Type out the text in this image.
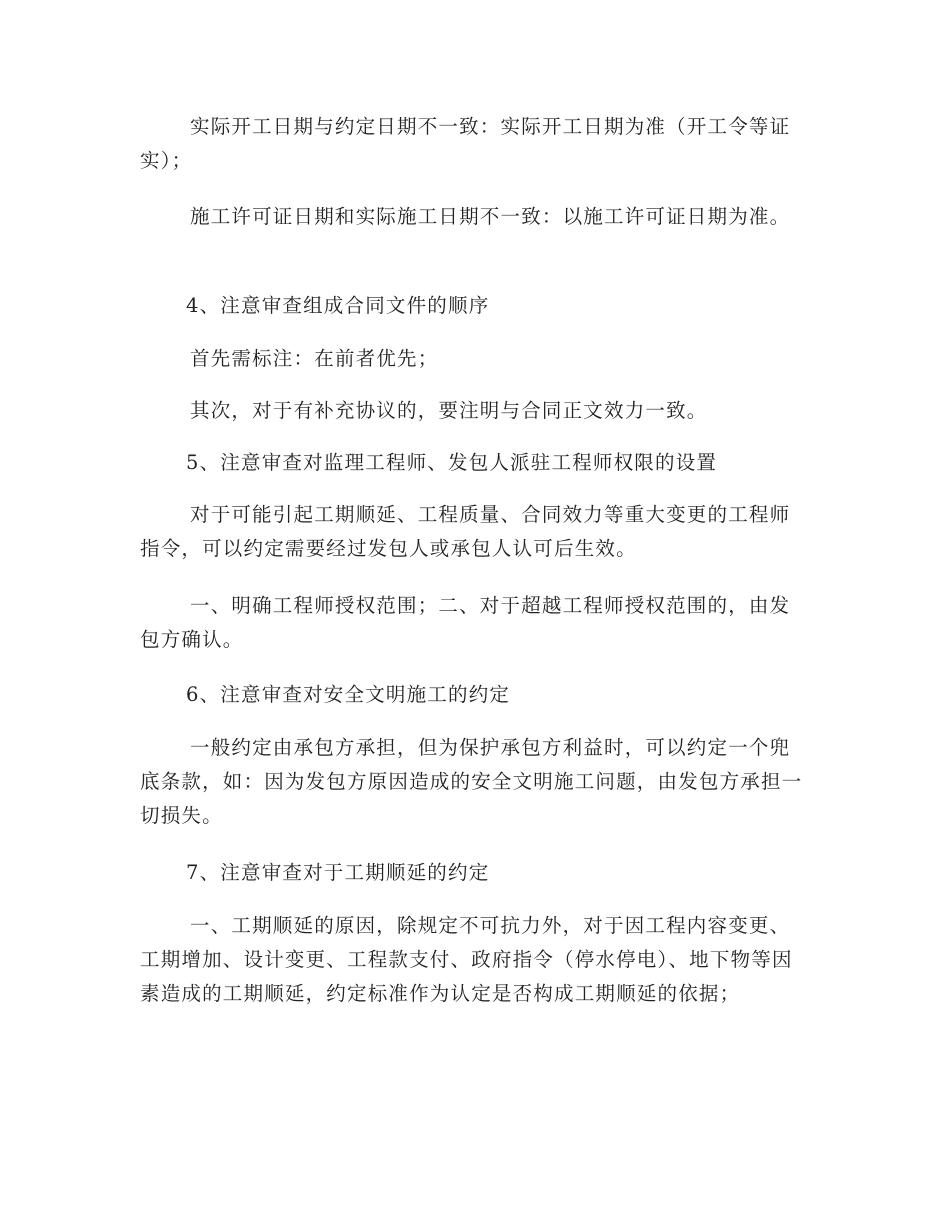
实际开工日期与约定日期不一致：实际开工日期为准（开工令等证实）；

施工许可证日期和实际施工日期不一致：以施工许可证日期为准。

4、注意审查组成合同文件的顺序

首先需标注：在前者优先；

其次，对于有补充协议的，要注明与合同正文效力一致。

5、注意审查对监理工程师、发包人派驻工程师权限的设置

对于可能引起工期顺延、工程质量、合同效力等重大变更的工程师指令，可以约定需要经过发包人或承包人认可后生效。

一、明确工程师授权范围；二、对于超越工程师授权范围的，由发包方确认。

6、注意审查对安全文明施工的约定

一般约定由承包方承担，但为保护承包方利益时，可以约定一个兜底条款，如：因为发包方原因造成的安全文明施工问题，由发包方承担一切损失。

7、注意审查对于工期顺延的约定

一、工期顺延的原因，除规定不可抗力外，对于因工程内容变更、工期增加、设计变更、工程款支付、政府指令（停水停电）、地下物等因素造成的工期顺延，约定标准作为认定是否构成工期顺延的依据；
